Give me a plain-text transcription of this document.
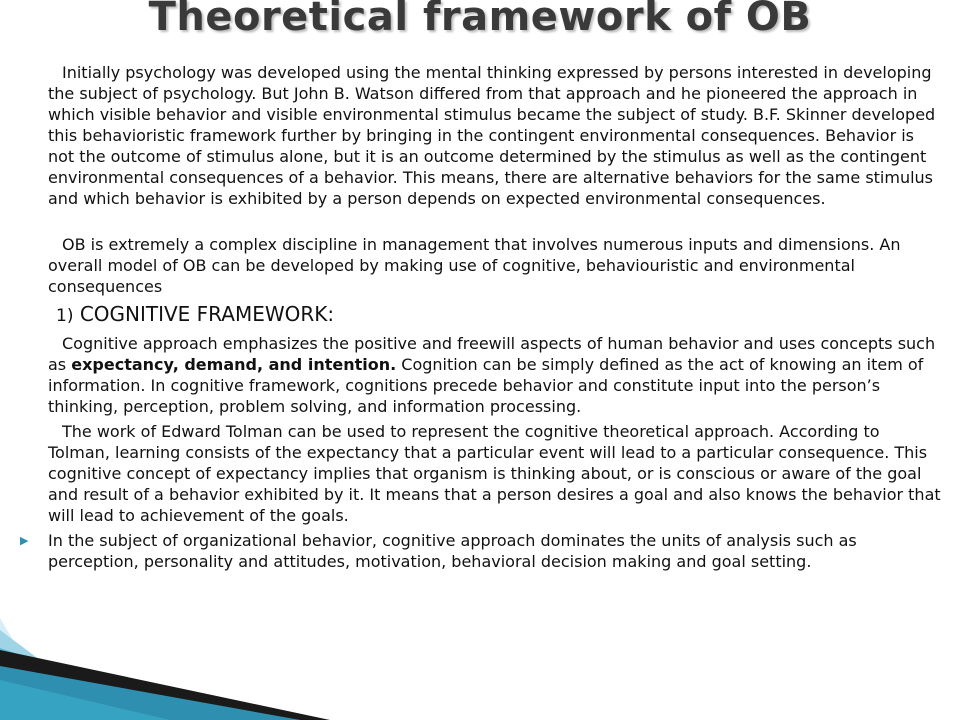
Theoretical framework of OB

Initially psychology was developed using the mental thinking expressed by persons interested in developing the subject of psychology. But John B. Watson differed from that approach and he pioneered the approach in which visible behavior and visible environmental stimulus became the subject of study. B.F. Skinner developed this behavioristic framework further by bringing in the contingent environmental consequences. Behavior is not the outcome of stimulus alone, but it is an outcome determined by the stimulus as well as the contingent environmental consequences of a behavior. This means, there are alternative behaviors for the same stimulus and which behavior is exhibited by a person depends on expected environmental consequences.

OB is extremely a complex discipline in management that involves numerous inputs and dimensions. An overall model of OB can be developed by making use of cognitive, behaviouristic and environmental consequences

1) COGNITIVE FRAMEWORK:

Cognitive approach emphasizes the positive and freewill aspects of human behavior and uses concepts such as expectancy, demand, and intention. Cognition can be simply defined as the act of knowing an item of information. In cognitive framework, cognitions precede behavior and constitute input into the person’s thinking, perception, problem solving, and information processing.

The work of Edward Tolman can be used to represent the cognitive theoretical approach. According to Tolman, learning consists of the expectancy that a particular event will lead to a particular consequence. This cognitive concept of expectancy implies that organism is thinking about, or is conscious or aware of the goal and result of a behavior exhibited by it. It means that a person desires a goal and also knows the behavior that will lead to achievement of the goals.

▶ In the subject of organizational behavior, cognitive approach dominates the units of analysis such as perception, personality and attitudes, motivation, behavioral decision making and goal setting.

▶
